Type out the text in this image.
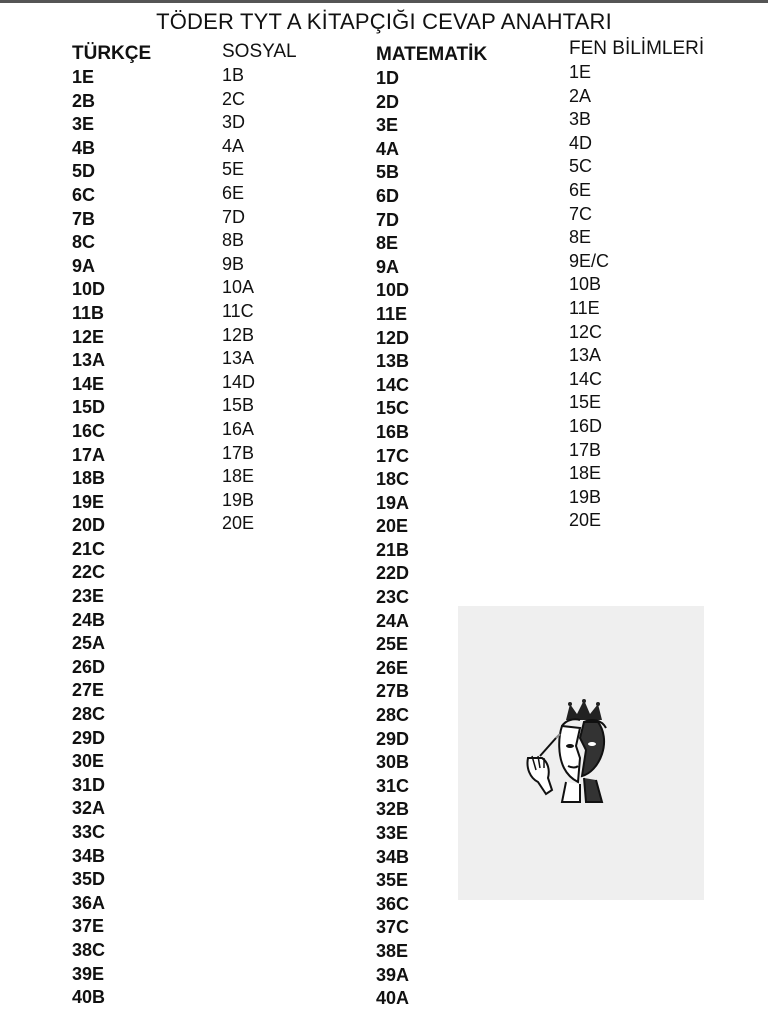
TÖDER TYT A KİTAPÇIĞI CEVAP ANAHTARI
TÜRKÇE
1E
2B
3E
4B
5D
6C
7B
8C
9A
10D
11B
12E
13A
14E
15D
16C
17A
18B
19E
20D
21C
22C
23E
24B
25A
26D
27E
28C
29D
30E
31D
32A
33C
34B
35D
36A
37E
38C
39E
40B
SOSYAL
1B
2C
3D
4A
5E
6E
7D
8B
9B
10A
11C
12B
13A
14D
15B
16A
17B
18E
19B
20E
MATEMATİK
1D
2D
3E
4A
5B
6D
7D
8E
9A
10D
11E
12D
13B
14C
15C
16B
17C
18C
19A
20E
21B
22D
23C
24A
25E
26E
27B
28C
29D
30B
31C
32B
33E
34B
35E
36C
37C
38E
39A
40A
FEN BİLİMLERİ
1E
2A
3B
4D
5C
6E
7C
8E
9E/C
10B
11E
12C
13A
14C
15E
16D
17B
18E
19B
20E
